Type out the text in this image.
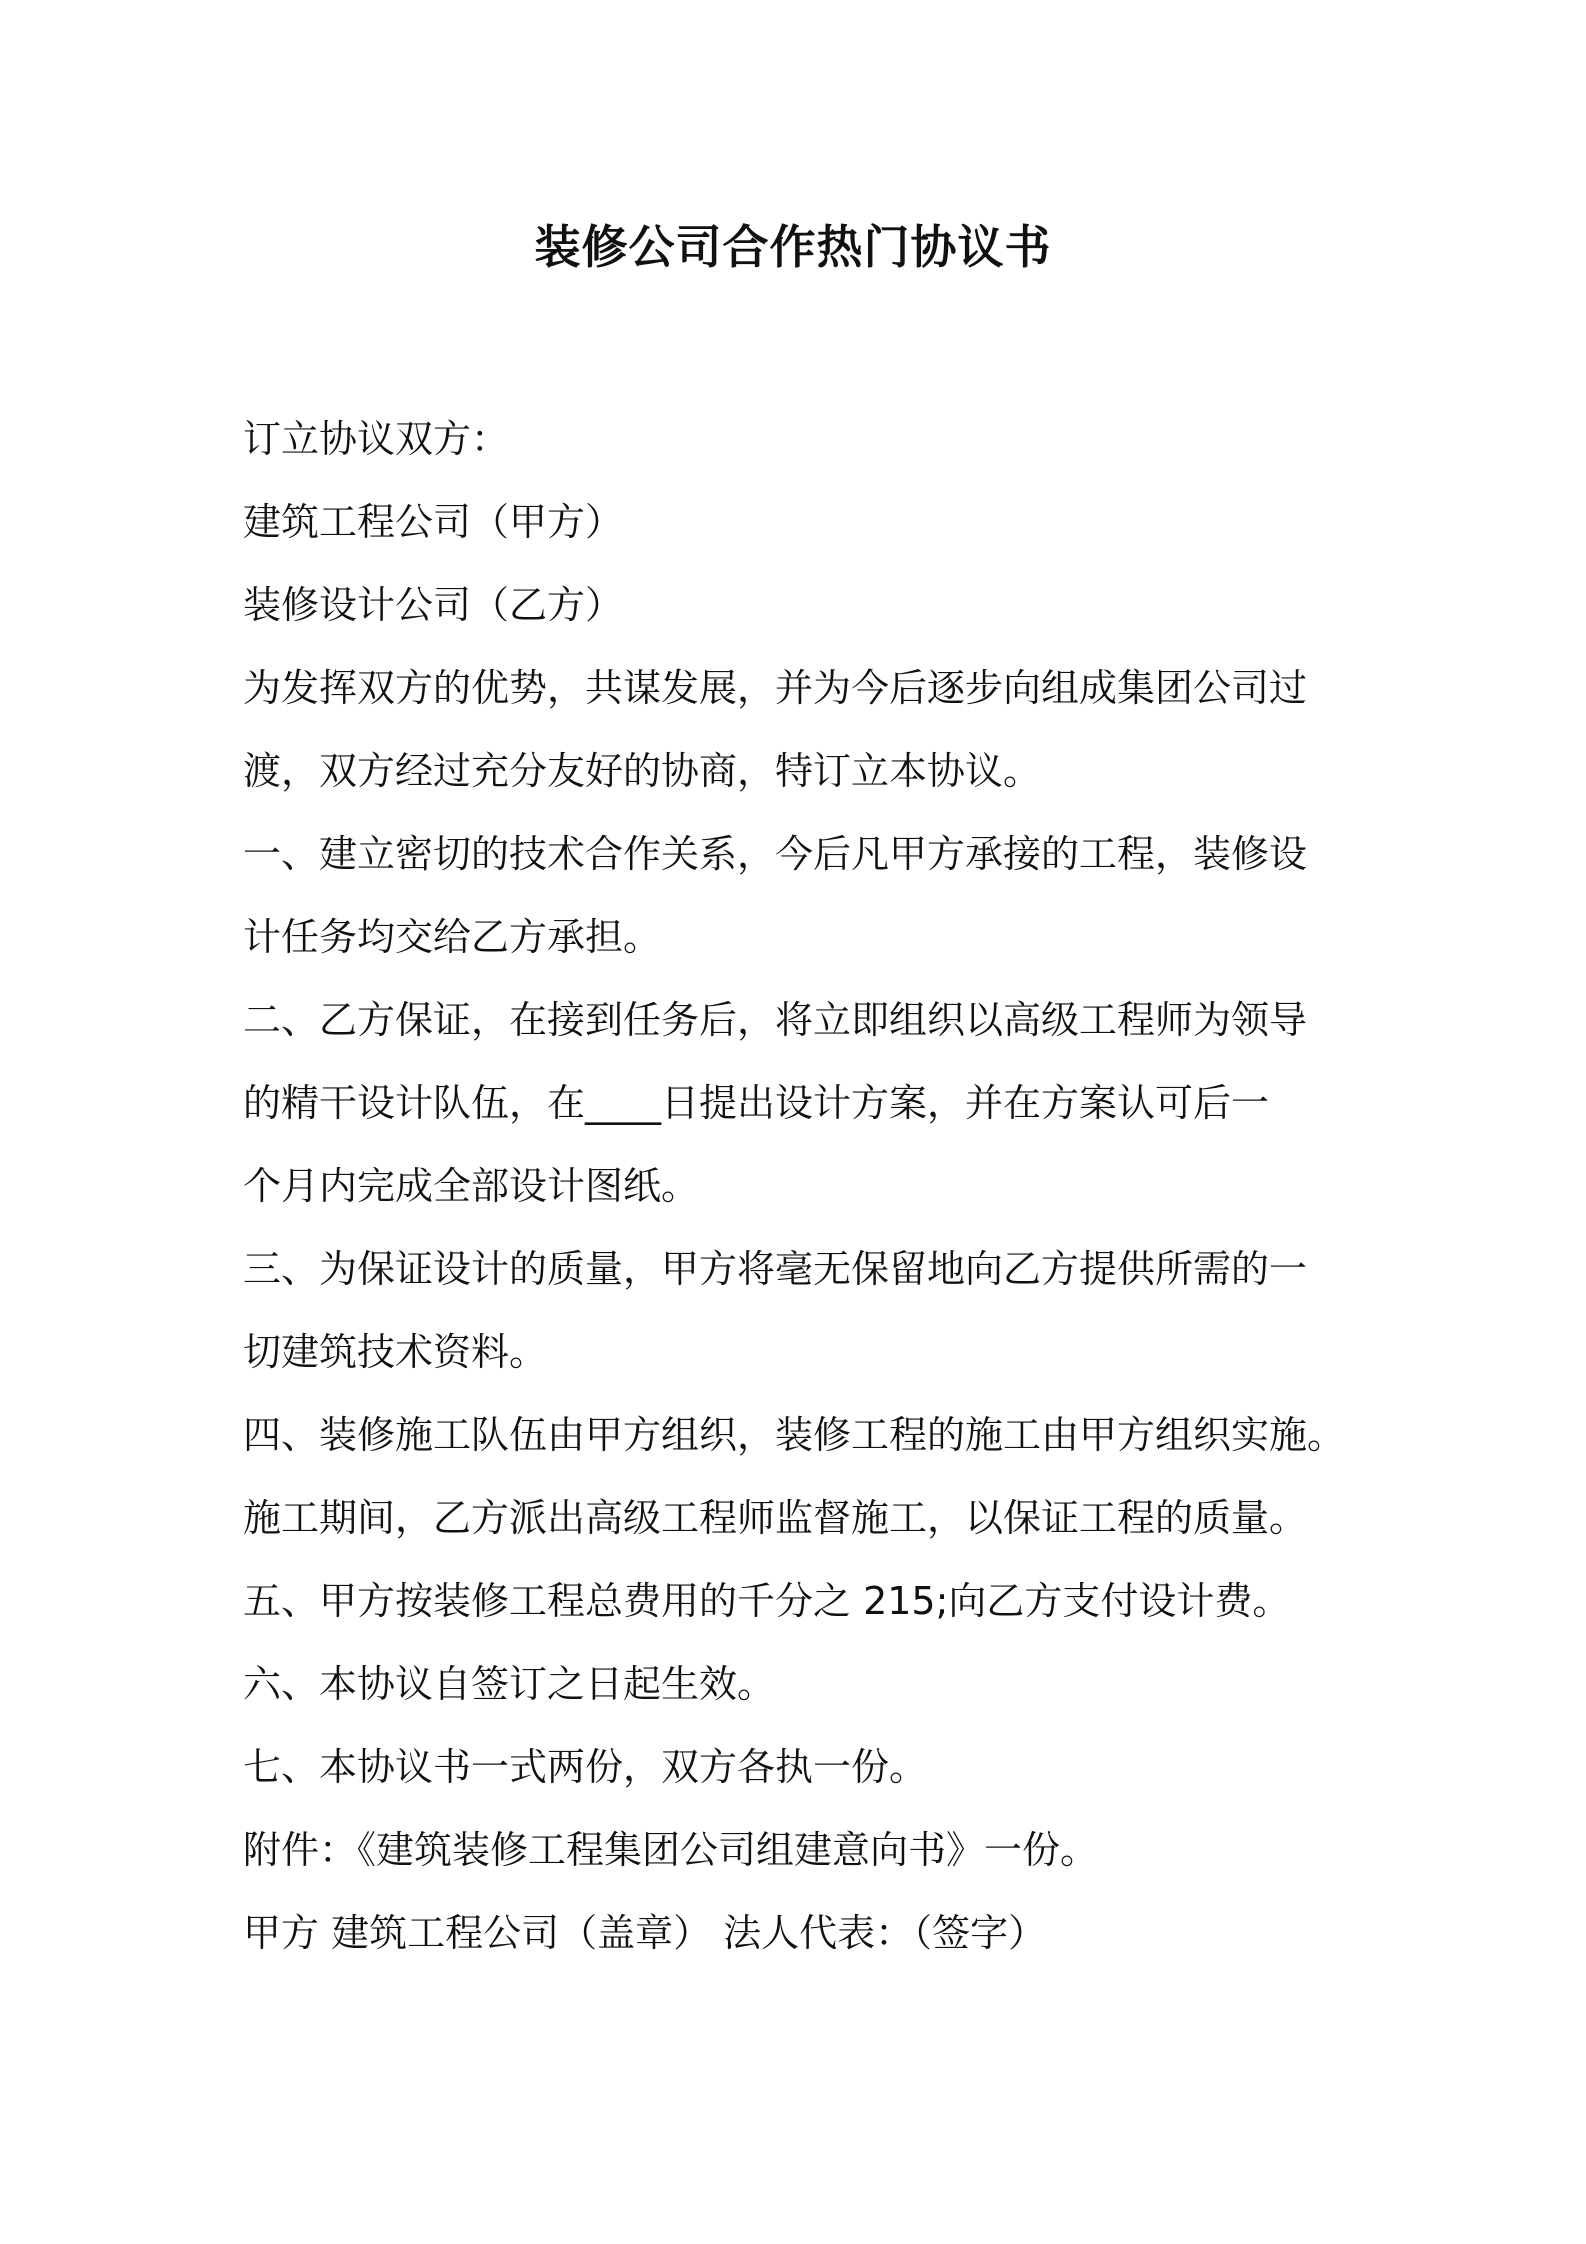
装修公司合作热门协议书

订立协议双方：

建筑工程公司（甲方）

装修设计公司（乙方）

为发挥双方的优势，共谋发展，并为今后逐步向组成集团公司过

渡，双方经过充分友好的协商，特订立本协议。

一、建立密切的技术合作关系，今后凡甲方承接的工程，装修设

计任务均交给乙方承担。

二、乙方保证，在接到任务后，将立即组织以高级工程师为领导

的精干设计队伍，在____日提出设计方案，并在方案认可后一

个月内完成全部设计图纸。

三、为保证设计的质量，甲方将毫无保留地向乙方提供所需的一

切建筑技术资料。

四、装修施工队伍由甲方组织，装修工程的施工由甲方组织实施。

施工期间，乙方派出高级工程师监督施工，以保证工程的质量。

五、甲方按装修工程总费用的千分之 215;向乙方支付设计费。

六、本协议自签订之日起生效。

七、本协议书一式两份，双方各执一份。

附件：《建筑装修工程集团公司组建意向书》一份。

甲方 建筑工程公司（盖章） 法人代表：（签字）
